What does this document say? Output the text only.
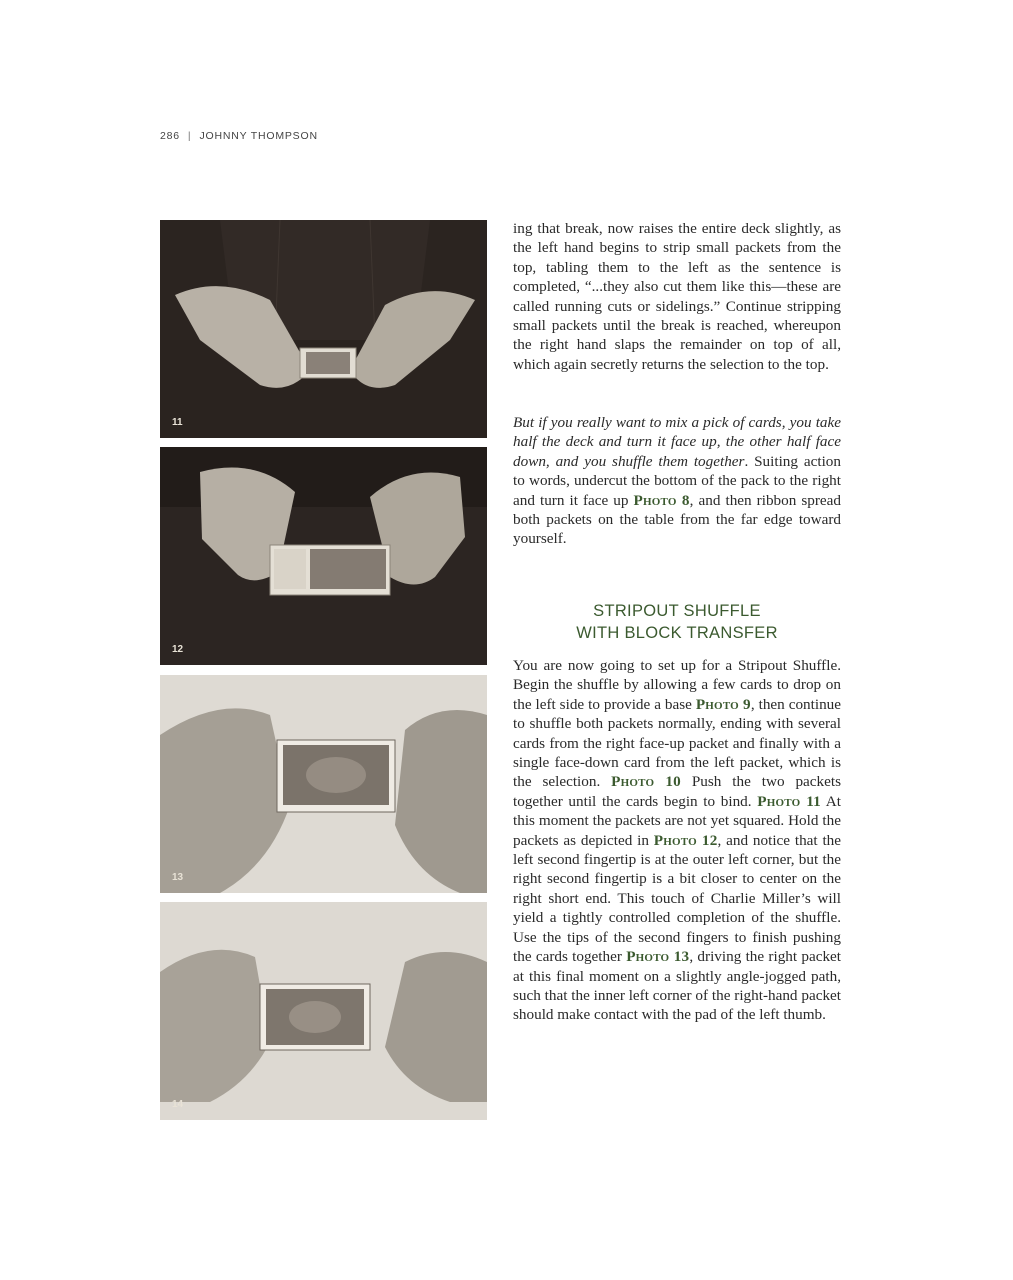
286 | JOHNNY THOMPSON
11
12
13
14

ing that break, now raises the entire deck slightly, as the left hand begins to strip small packets from the top, tabling them to the left as the sentence is completed, “...they also cut them like this—these are called running cuts or sidelings.” Continue stripping small packets until the break is reached, whereupon the right hand slaps the remainder on top of all, which again secretly returns the selection to the top.

But if you really want to mix a pick of cards, you take half the deck and turn it face up, the other half face down, and you shuffle them together. Suiting action to words, undercut the bottom of the pack to the right and turn it face up Photo 8, and then ribbon spread both packets on the table from the far edge toward yourself.

STRIPOUT SHUFFLE
WITH BLOCK TRANSFER

You are now going to set up for a Stripout Shuffle. Begin the shuffle by allowing a few cards to drop on the left side to provide a base Photo 9, then continue to shuffle both packets normally, ending with several cards from the right face-up packet and finally with a single face-down card from the left packet, which is the selection. Photo 10 Push the two packets together until the cards begin to bind. Photo 11 At this moment the packets are not yet squared. Hold the packets as depicted in Photo 12, and notice that the left second fingertip is at the outer left corner, but the right second fingertip is a bit closer to center on the right short end. This touch of Charlie Miller’s will yield a tightly controlled completion of the shuffle. Use the tips of the second fingers to finish pushing the cards together Photo 13, driving the right packet at this final moment on a slightly angle-jogged path, such that the inner left corner of the right-hand packet should make contact with the pad of the left thumb.
